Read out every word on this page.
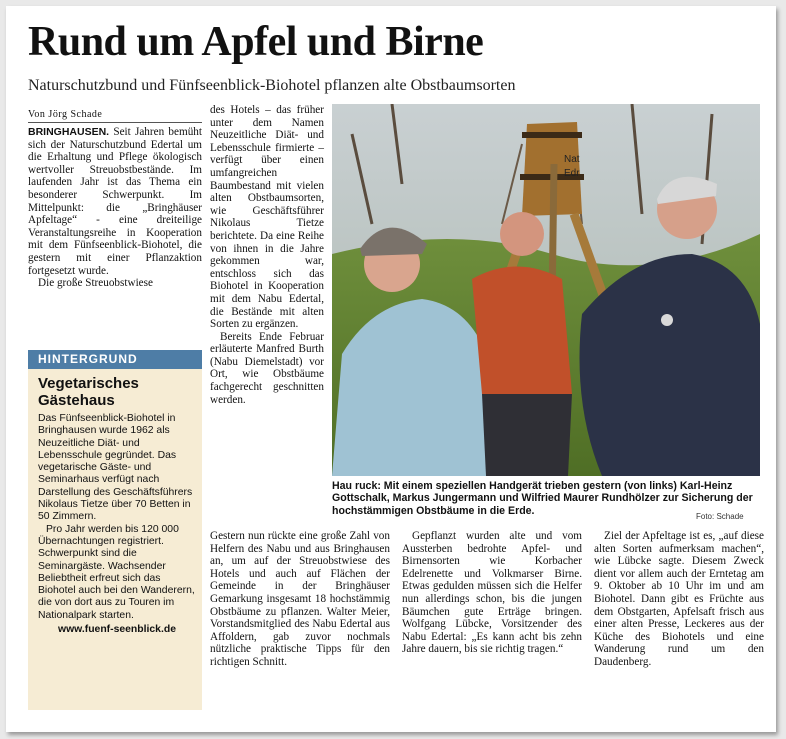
Rund um Apfel und Birne
Naturschutzbund und Fünfseenblick-Biohotel pflanzen alte Obstbaumsorten
Von Jörg Schade

BRINGHAUSEN. Seit Jahren bemüht sich der Naturschutzbund Edertal um die Erhaltung und Pflege ökologisch wertvoller Streuobstbestände. Im laufenden Jahr ist das Thema ein besonderer Schwerpunkt. Im Mittelpunkt: die „Bringhäuser Apfeltage“ - eine dreiteilige Veranstaltungsreihe in Kooperation mit dem Fünfseenblick-Biohotel, die gestern mit einer Pflanzaktion fortgesetzt wurde.

Die große Streuobstwiese

HINTERGRUND
Vegetarisches Gästehaus

Das Fünfseenblick-Biohotel in Bringhausen wurde 1962 als Neuzeitliche Diät- und Lebensschule gegründet. Das vegetarische Gäste- und Seminarhaus verfügt nach Darstellung des Geschäftsführers Nikolaus Tietze über 70 Betten in 50 Zimmern.

Pro Jahr werden bis 120 000 Übernachtungen registriert. Schwerpunkt sind die Seminargäste. Wachsender Beliebtheit erfreut sich das Biohotel auch bei den Wanderern, die von dort aus zu Touren im Nationalpark starten.

www.fuenf-seenblick.de

des Hotels – das früher unter dem Namen Neuzeitliche Diät- und Lebensschule firmierte – verfügt über einen umfangreichen Baumbestand mit vielen alten Obstbaumsorten, wie Geschäftsführer Nikolaus Tietze berichtete. Da eine Reihe von ihnen in die Jahre gekommen war, entschloss sich das Biohotel in Kooperation mit dem Nabu Edertal, die Bestände mit alten Sorten zu ergänzen.

Bereits Ende Februar erläuterte Manfred Burth (Nabu Diemelstadt) vor Ort, wie Obstbäume fachgerecht geschnitten werden.

Nat
Edr
Hau ruck: Mit einem speziellen Handgerät trieben gestern (von links) Karl-Heinz Gottschalk, Markus Jungermann und Wilfried Maurer Rundhölzer zur Sicherung der hochstämmigen Obstbäume in die Erde.	Foto: Schade

Gestern nun rückte eine große Zahl von Helfern des Nabu und aus Bringhausen an, um auf der Streuobstwiese des Hotels und auch auf Flächen der Gemeinde in der Bringhäuser Gemarkung insgesamt 18 hochstämmig Obstbäume zu pflanzen. Walter Meier, Vorstandsmitglied des Nabu Edertal aus Affoldern, gab zuvor nochmals nützliche praktische Tipps für den richtigen Schnitt.

Gepflanzt wurden alte und vom Aussterben bedrohte Apfel- und Birnensorten wie Korbacher Edelrenette und Volkmarser Birne. Etwas gedulden müssen sich die Helfer nun allerdings schon, bis die jungen Bäumchen gute Erträge bringen. Wolfgang Lübcke, Vorsitzender des Nabu Edertal: „Es kann acht bis zehn Jahre dauern, bis sie richtig tragen.“

Ziel der Apfeltage ist es, „auf diese alten Sorten aufmerksam machen“, wie Lübcke sagte. Diesem Zweck dient vor allem auch der Erntetag am 9. Oktober ab 10 Uhr im und am Biohotel. Dann gibt es Früchte aus dem Obstgarten, Apfelsaft frisch aus einer alten Presse, Leckeres aus der Küche des Biohotels und eine Wanderung rund um den Daudenberg.
